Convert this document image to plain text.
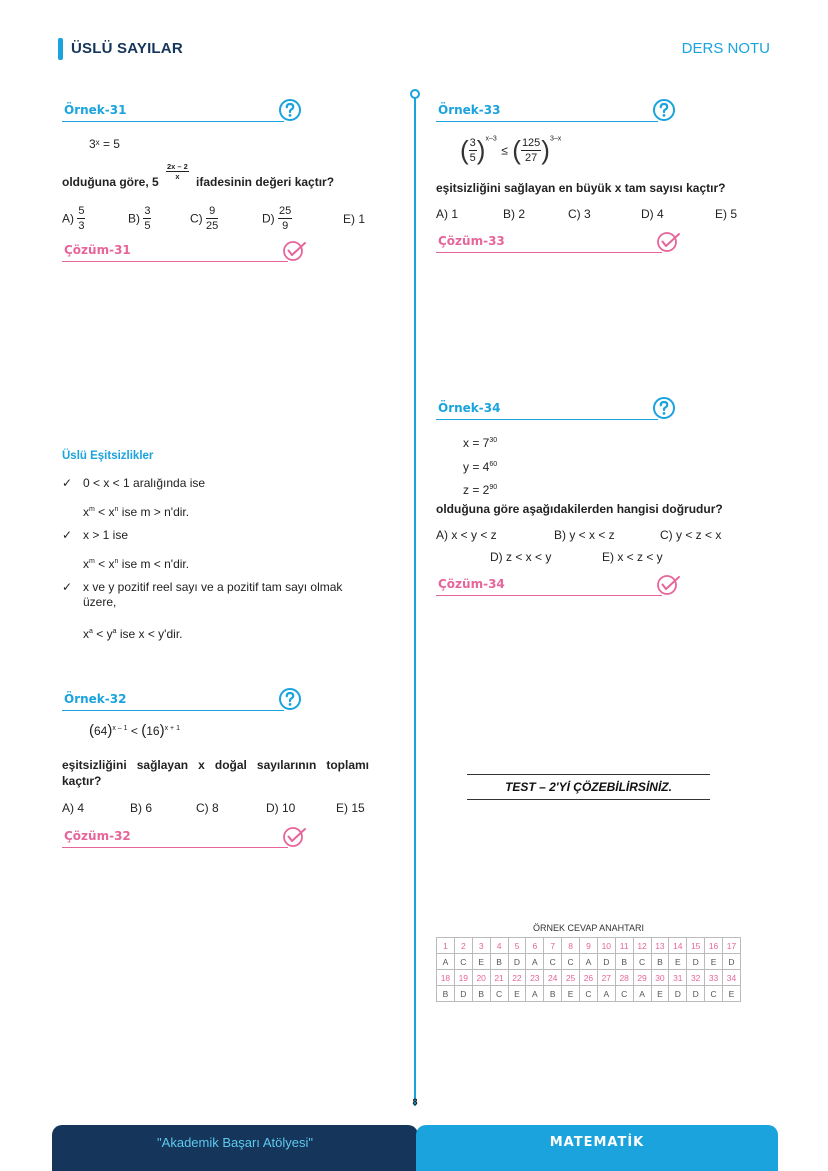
ÜSLÜ SAYILAR	DERS NOTU
8
Örnek-31
3ˣ = 5
olduğuna göre, 5
$\frac{2x - 2}{x}$
ifadesinin değeri kaçtır?
$A) \frac{5}{3}$	$B) \frac{3}{5}$	$C) \frac{9}{25}$	$D) \frac{25}{9}$	E) 1
Çözüm-31
Üslü Eşitsizlikler
✓ 0 < x < 1 aralığında ise
$x^m < x^n$ ise m > n'dir.
✓ x > 1 ise
$x^m < x^n$ ise m < n'dir.
✓ x ve y pozitif reel sayı ve a pozitif tam sayı olmak üzere,
$x^a < y^a$ ise x < y'dir.
Örnek-32
$(64)^{x - 1} < (16)^{x + 1}$
eşitsizliğini sağlayan x doğal sayılarının toplamı kaçtır?
A) 4	B) 6	C) 8	D) 10	E) 15
Çözüm-32
Örnek-33
( $\frac{3}{5} )^{x-3}$ ≤ ( $\frac{125}{27} )^{3-x}$
eşitsizliğini sağlayan en büyük x tam sayısı kaçtır?
A) 1	B) 2	C) 3	D) 4	E) 5
Çözüm-33
Örnek-34
$x = 7^{30}$
$y = 4^{60}$
$z = 2^{90}$
olduğuna göre aşağıdakilerden hangisi doğrudur?
A) x < y < z	B) y < x < z	C) y < z < x
D) z < x < y	E) x < z < y
Çözüm-34
TEST – 2'Yİ ÇÖZEBİLİRSİNİZ.
ÖRNEK CEVAP ANAHTARI
1	2	3	4	5	6	7	8	9	10	11	12	13	14	15	16	17
A	C	E	B	D	A	C	C	A	D	B	C	B	E	D	E	D
18	19	20	21	22	23	24	25	26	27	28	29	30	31	32	33	34
B	D	B	C	E	A	B	E	C	A	C	A	E	D	D	C	E
"Akademik Başarı Atölyesi"	MATEMATİK
